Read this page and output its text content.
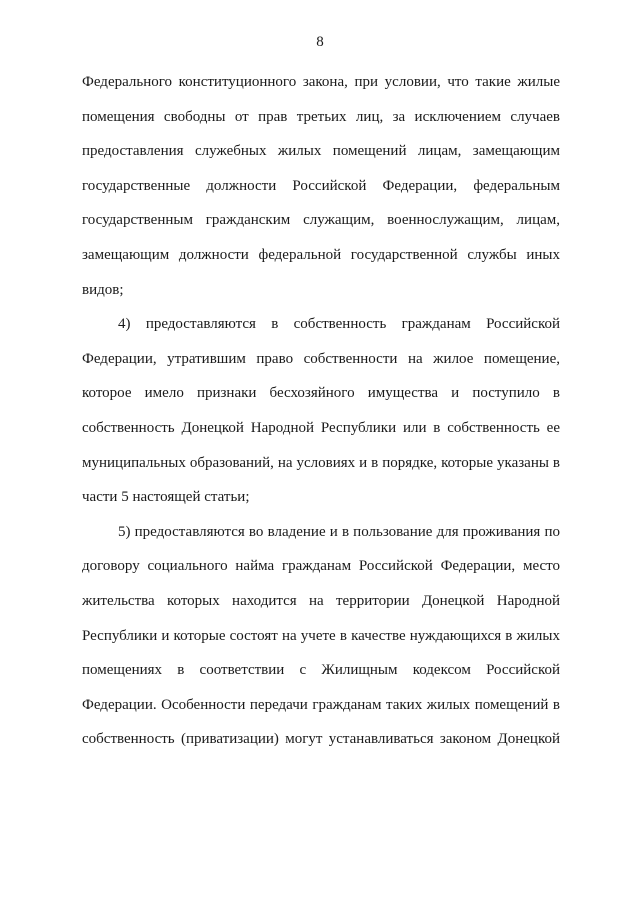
8
Федерального конституционного закона, при условии, что такие жилые
помещения свободны от прав третьих лиц, за исключением случаев
предоставления служебных жилых помещений лицам, замещающим
государственные должности Российской Федерации, федеральным
государственным гражданским служащим, военнослужащим, лицам,
замещающим должности федеральной государственной службы иных
видов;
4) предоставляются в собственность гражданам Российской
Федерации, утратившим право собственности на жилое помещение,
которое имело признаки бесхозяйного имущества и поступило в
собственность Донецкой Народной Республики или в собственность ее
муниципальных образований, на условиях и в порядке, которые указаны в
части 5 настоящей статьи;
5) предоставляются во владение и в пользование для проживания по
договору социального найма гражданам Российской Федерации, место
жительства которых находится на территории Донецкой Народной
Республики и которые состоят на учете в качестве нуждающихся в жилых
помещениях в соответствии с Жилищным кодексом Российской
Федерации. Особенности передачи гражданам таких жилых помещений в
собственность (приватизации) могут устанавливаться законом Донецкой
